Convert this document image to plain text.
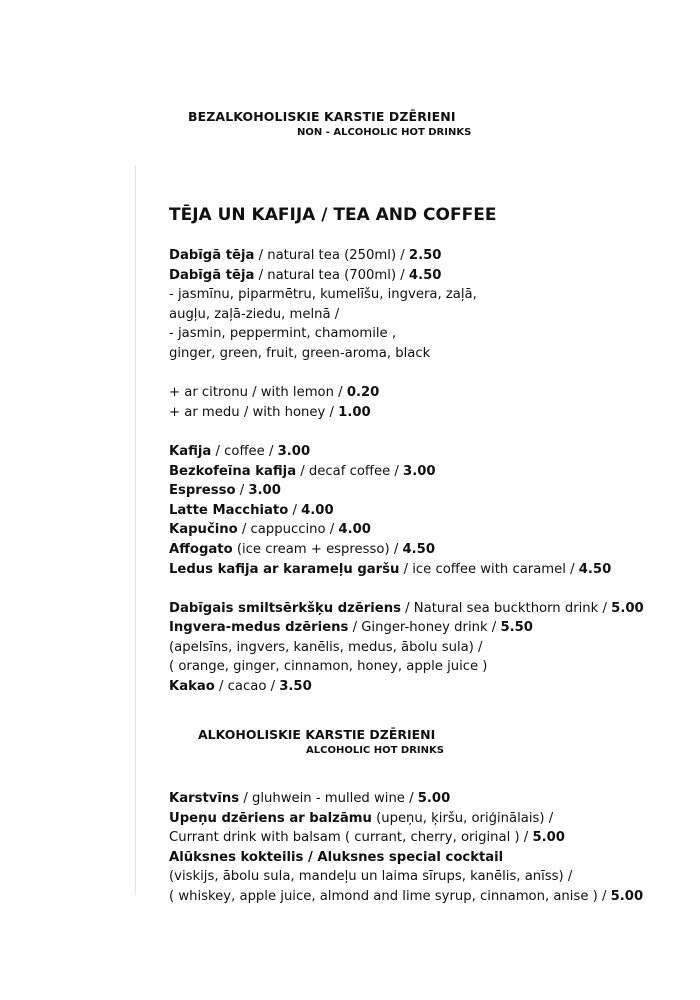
BEZALKOHOLISKIE KARSTIE DZĒRIENI
NON - ALCOHOLIC HOT DRINKS
TĒJA UN KAFIJA / TEA AND COFFEE
Dabīgā tēja / natural tea (250ml) / 2.50
Dabīgā tēja / natural tea (700ml) / 4.50
- jasmīnu, piparmētru, kumelīšu, ingvera, zaļā,
augļu, zaļā-ziedu, melnā /
- jasmin, peppermint, chamomile ,
ginger, green, fruit, green-aroma, black
+ ar citronu / with lemon / 0.20
+ ar medu / with honey / 1.00
Kafija / coffee / 3.00
Bezkofeīna kafija / decaf coffee / 3.00
Espresso / 3.00
Latte Macchiato / 4.00
Kapučino / cappuccino / 4.00
Affogato (ice cream + espresso) / 4.50
Ledus kafija ar karameļu garšu / ice coffee with caramel / 4.50
Dabīgais smiltsērkšķu dzēriens / Natural sea buckthorn drink / 5.00
Ingvera-medus dzēriens / Ginger-honey drink / 5.50
(apelsīns, ingvers, kanēlis, medus, ābolu sula) /
( orange, ginger, cinnamon, honey, apple juice )
Kakao / cacao / 3.50
ALKOHOLISKIE KARSTIE DZĒRIENI
ALCOHOLIC HOT DRINKS
Karstvīns / gluhwein - mulled wine / 5.00
Upeņu dzēriens ar balzāmu (upeņu, ķiršu, oriģinālais) /
Currant drink with balsam ( currant, cherry, original ) / 5.00
Alūksnes kokteilis / Aluksnes special cocktail
(viskijs, ābolu sula, mandeļu un laima sīrups, kanēlis, anīss) /
( whiskey, apple juice, almond and lime syrup, cinnamon, anise ) / 5.00
